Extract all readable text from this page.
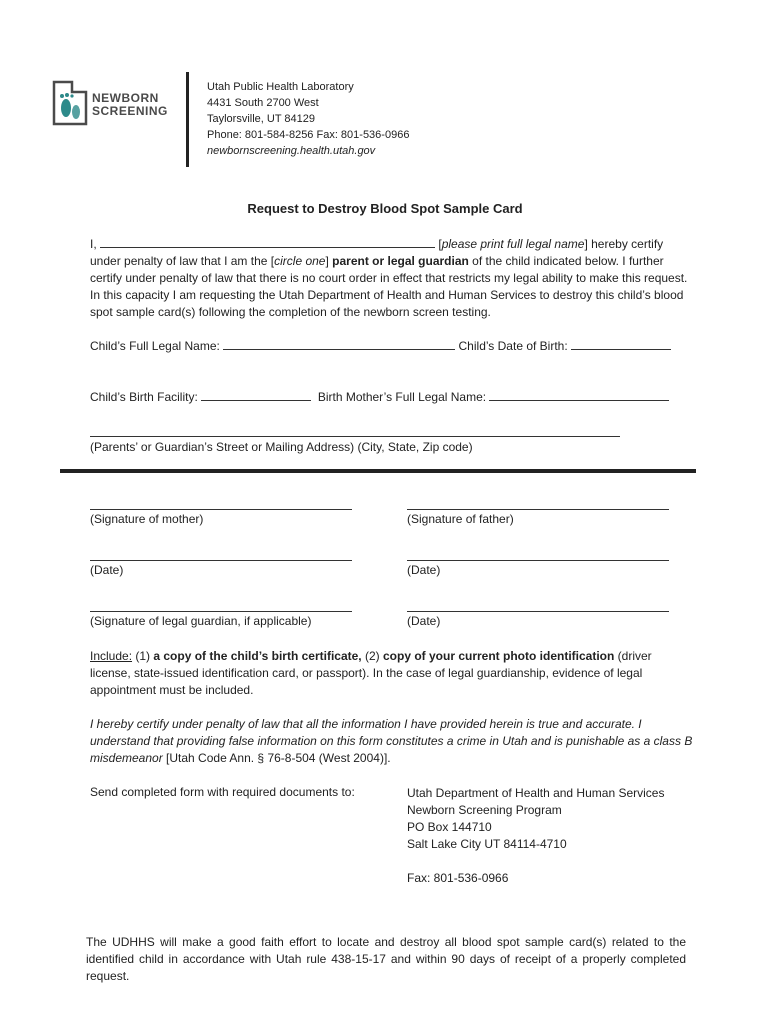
NEWBORN
SCREENING
Utah Public Health Laboratory
4431 South 2700 West
Taylorsville, UT 84129
Phone: 801-584-8256 Fax: 801-536-0966
newbornscreening.health.utah.gov
Request to Destroy Blood Spot Sample Card
I,	[please print full legal name] hereby certify under penalty of law that I am the [circle one] parent or legal guardian of the child indicated below. I further certify under penalty of law that there is no court order in effect that restricts my legal ability to make this request. In this capacity I am requesting the Utah Department of Health and Human Services to destroy this child’s blood spot sample card(s) following the completion of the newborn screen testing.
Child’s Full Legal Name:	Child’s Date of Birth:
Child’s Birth Facility:	Birth Mother’s Full Legal Name:
(Parents’ or Guardian’s Street or Mailing Address) (City, State, Zip code)
(Signature of mother)	(Signature of father)
(Date)	(Date)
(Signature of legal guardian, if applicable)	(Date)
Include: (1) a copy of the child’s birth certificate, (2) copy of your current photo identification (driver license, state-issued identification card, or passport). In the case of legal guardianship, evidence of legal appointment must be included.
I hereby certify under penalty of law that all the information I have provided herein is true and accurate. I understand that providing false information on this form constitutes a crime in Utah and is punishable as a class B misdemeanor [Utah Code Ann. § 76-8-504 (West 2004)].
Send completed form with required documents to:	Utah Department of Health and Human Services
Newborn Screening Program
PO Box 144710
Salt Lake City UT 84114-4710
Fax: 801-536-0966
The UDHHS will make a good faith effort to locate and destroy all blood spot sample card(s) related to the identified child in accordance with Utah rule 438-15-17 and within 90 days of receipt of a properly completed request.
